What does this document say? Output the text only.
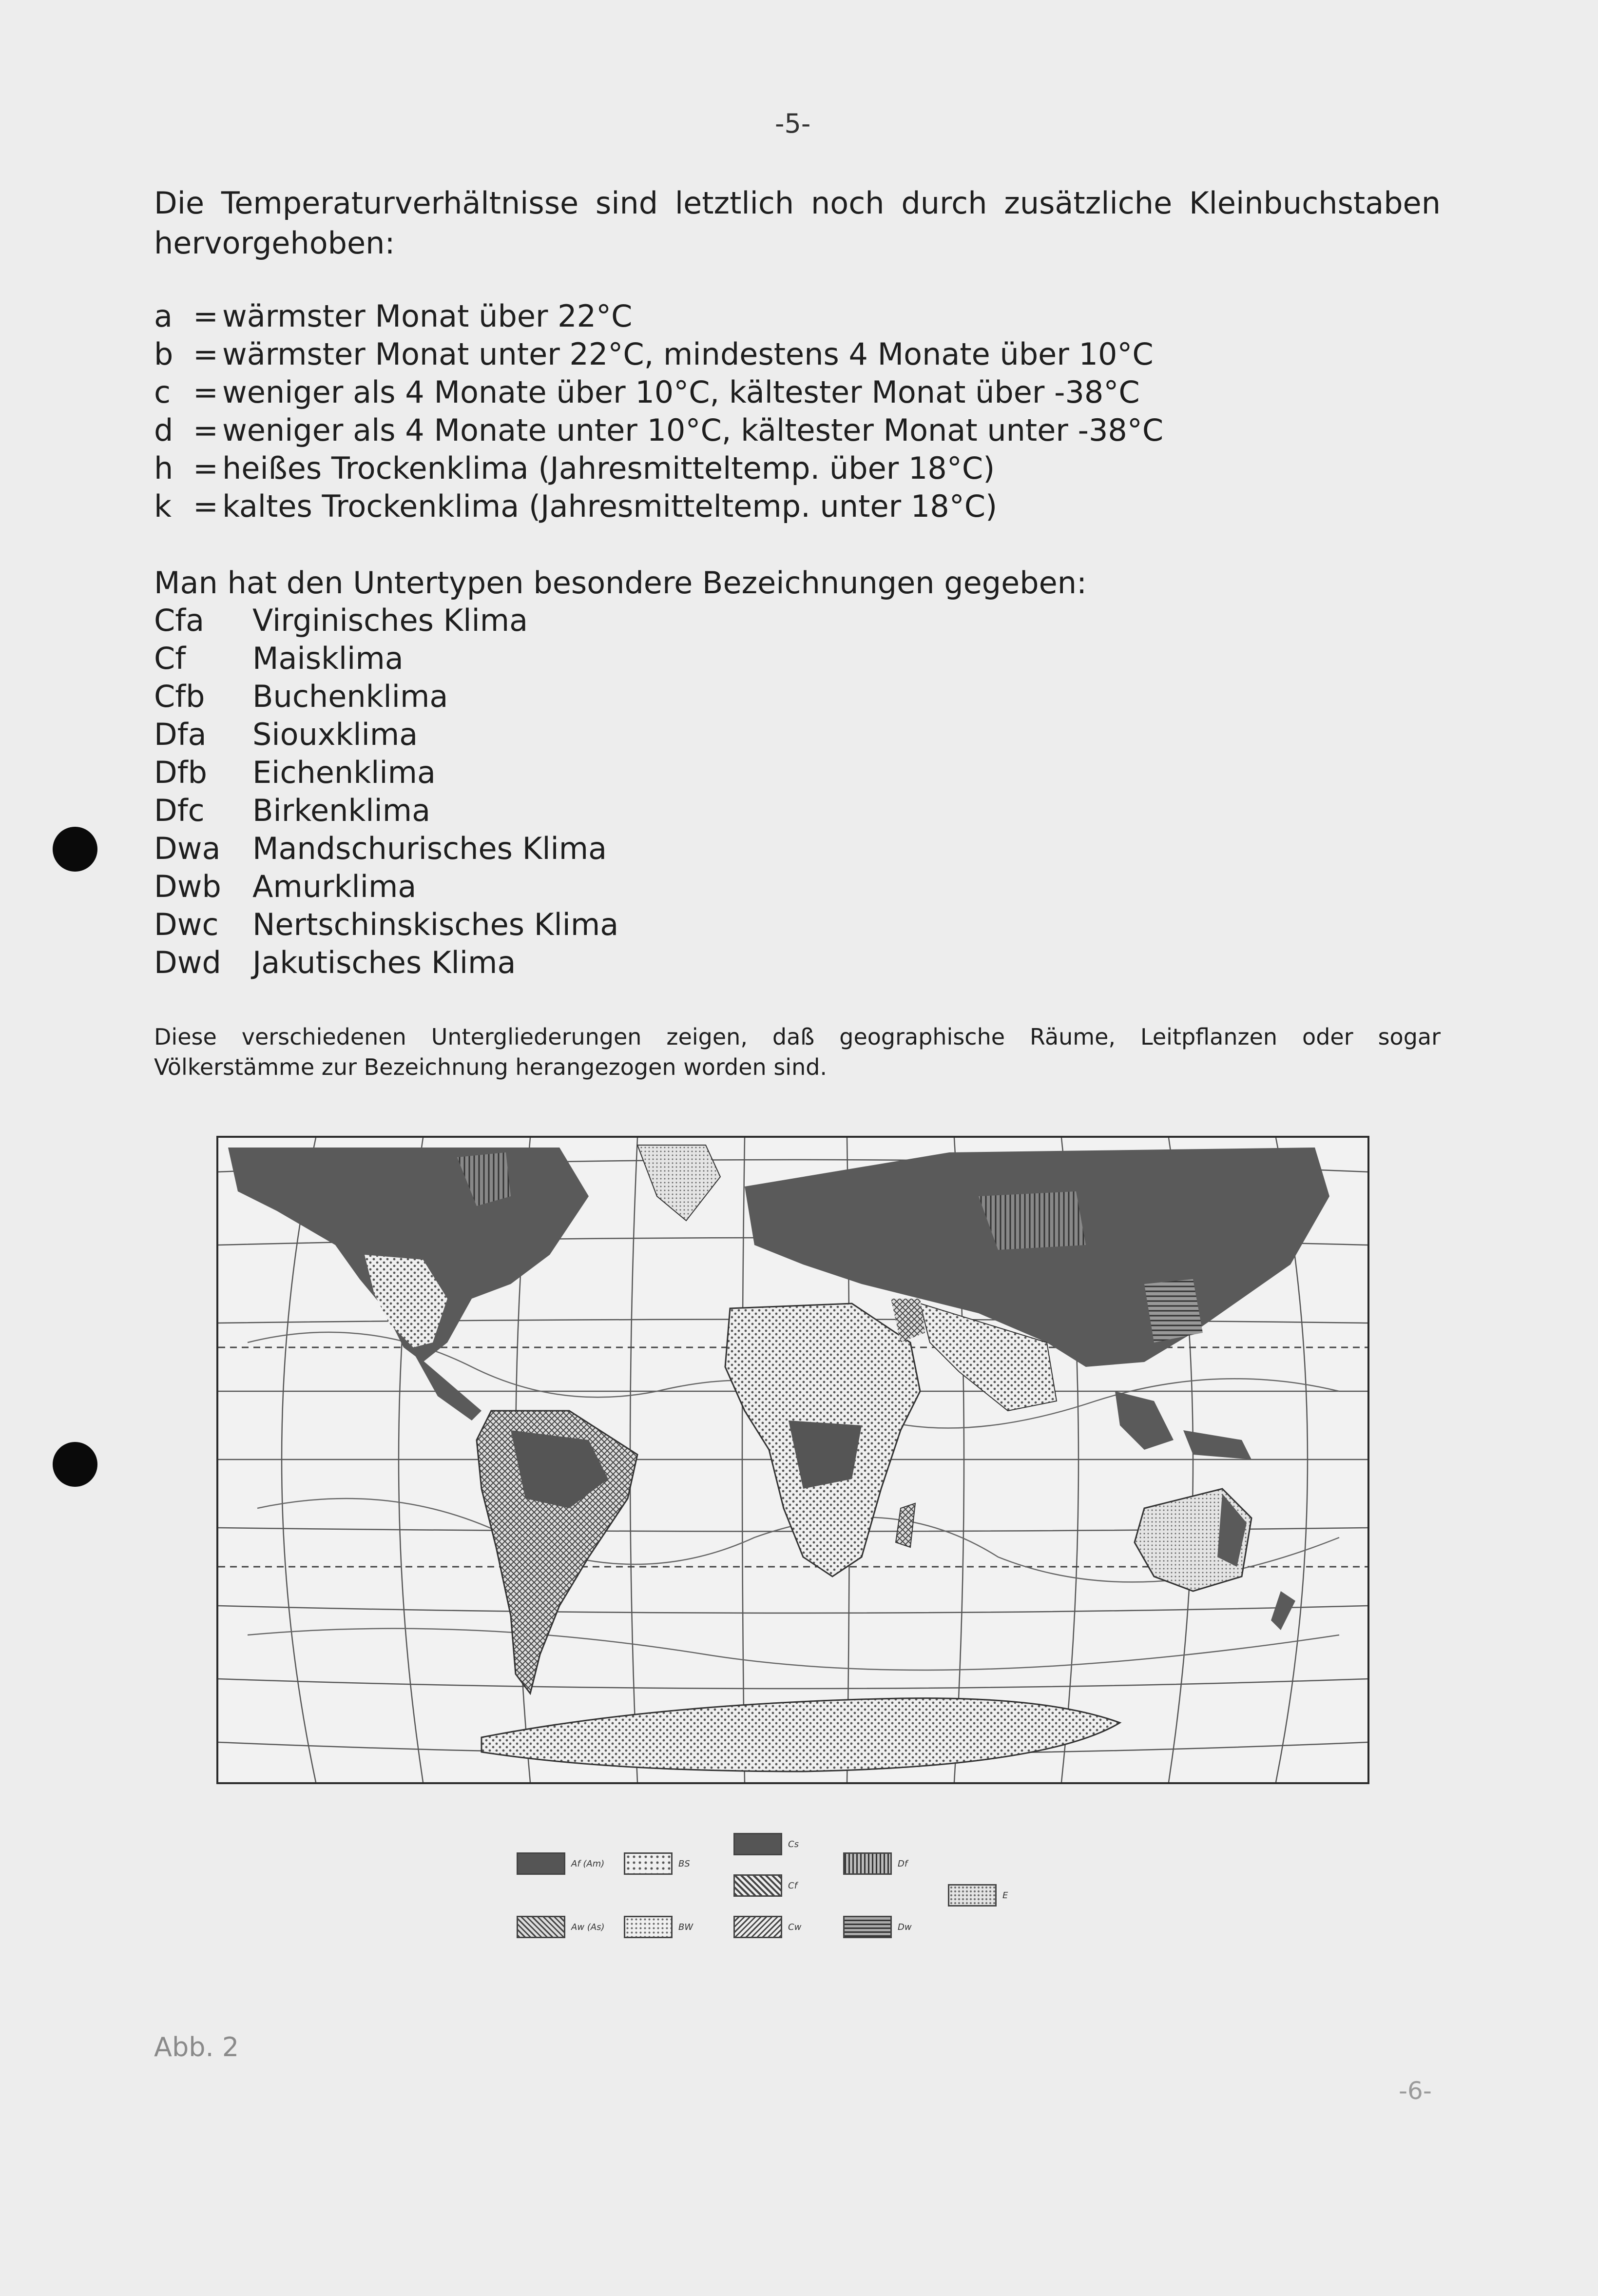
-5-
Die Temperaturverhältnisse sind letztlich noch durch zusätzliche Kleinbuchstaben hervorgehoben:
a = wärmster Monat über 22°C
b = wärmster Monat unter 22°C, mindestens 4 Monate über 10°C
c = weniger als 4 Monate über 10°C, kältester Monat über -38°C
d = weniger als 4 Monate unter 10°C, kältester Monat unter -38°C
h = heißes Trockenklima (Jahresmitteltemp. über 18°C)
k = kaltes Trockenklima (Jahresmitteltemp. unter 18°C)
Man hat den Untertypen besondere Bezeichnungen gegeben:
Cfa	Virginisches Klima
Cf	Maisklima
Cfb	Buchenklima
Dfa	Siouxklima
Dfb	Eichenklima
Dfc	Birkenklima
Dwa	Mandschurisches Klima
Dwb	Amurklima
Dwc	Nertschinskisches Klima
Dwd	Jakutisches Klima
Diese verschiedenen Untergliederungen zeigen, daß geographische Räume, Leitpflanzen oder sogar Völkerstämme zur Bezeichnung herangezogen worden sind.
Af (Am)
Aw (As)
BS
BW
Cs
Cf
Cw
Df
Dw
E
Abb. 2
-6-
